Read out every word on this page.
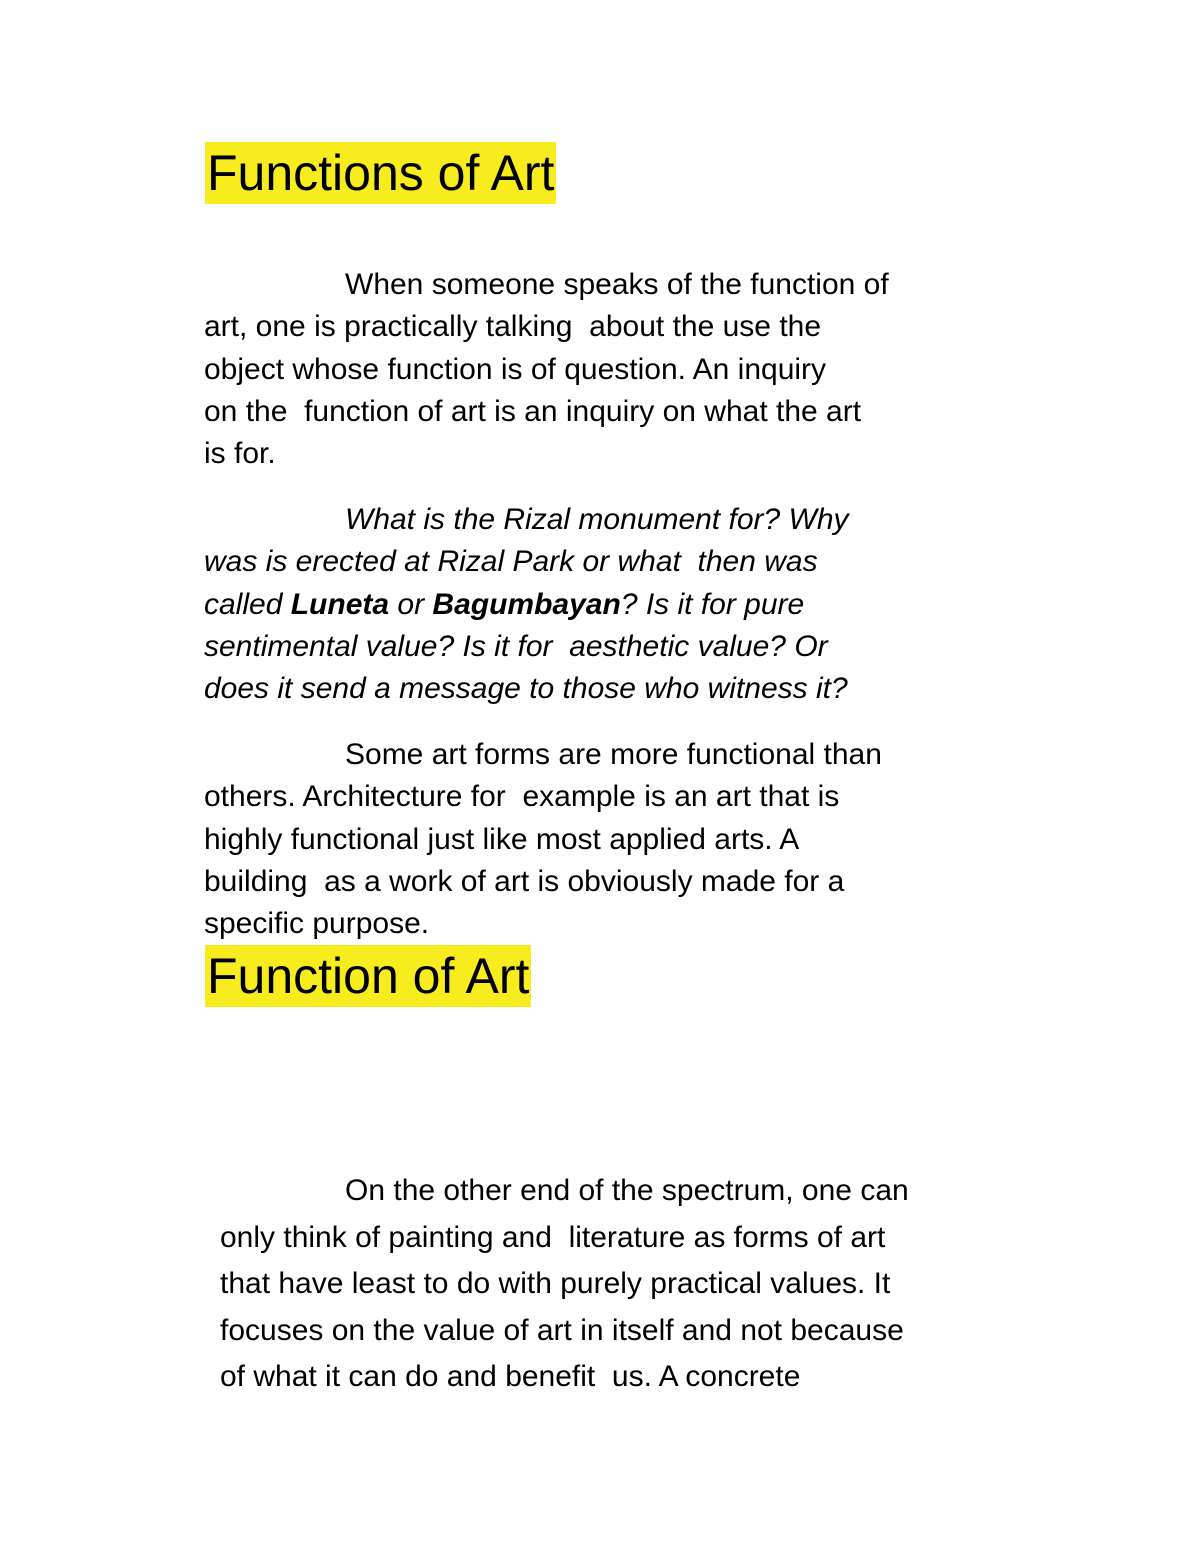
Functions of Art

When someone speaks of the function of
art, one is practically talking  about the use the
object whose function is of question. An inquiry
on the  function of art is an inquiry on what the art
is for.

What is the Rizal monument for? Why
was is erected at Rizal Park or what  then was
called Luneta or Bagumbayan? Is it for pure
sentimental value? Is it for  aesthetic value? Or
does it send a message to those who witness it?

Some art forms are more functional than
others. Architecture for  example is an art that is
highly functional just like most applied arts. A
building  as a work of art is obviously made for a
specific purpose.

Function of Art

On the other end of the spectrum, one can
only think of painting and  literature as forms of art
that have least to do with purely practical values. It
focuses on the value of art in itself and not because
of what it can do and benefit  us. A concrete
